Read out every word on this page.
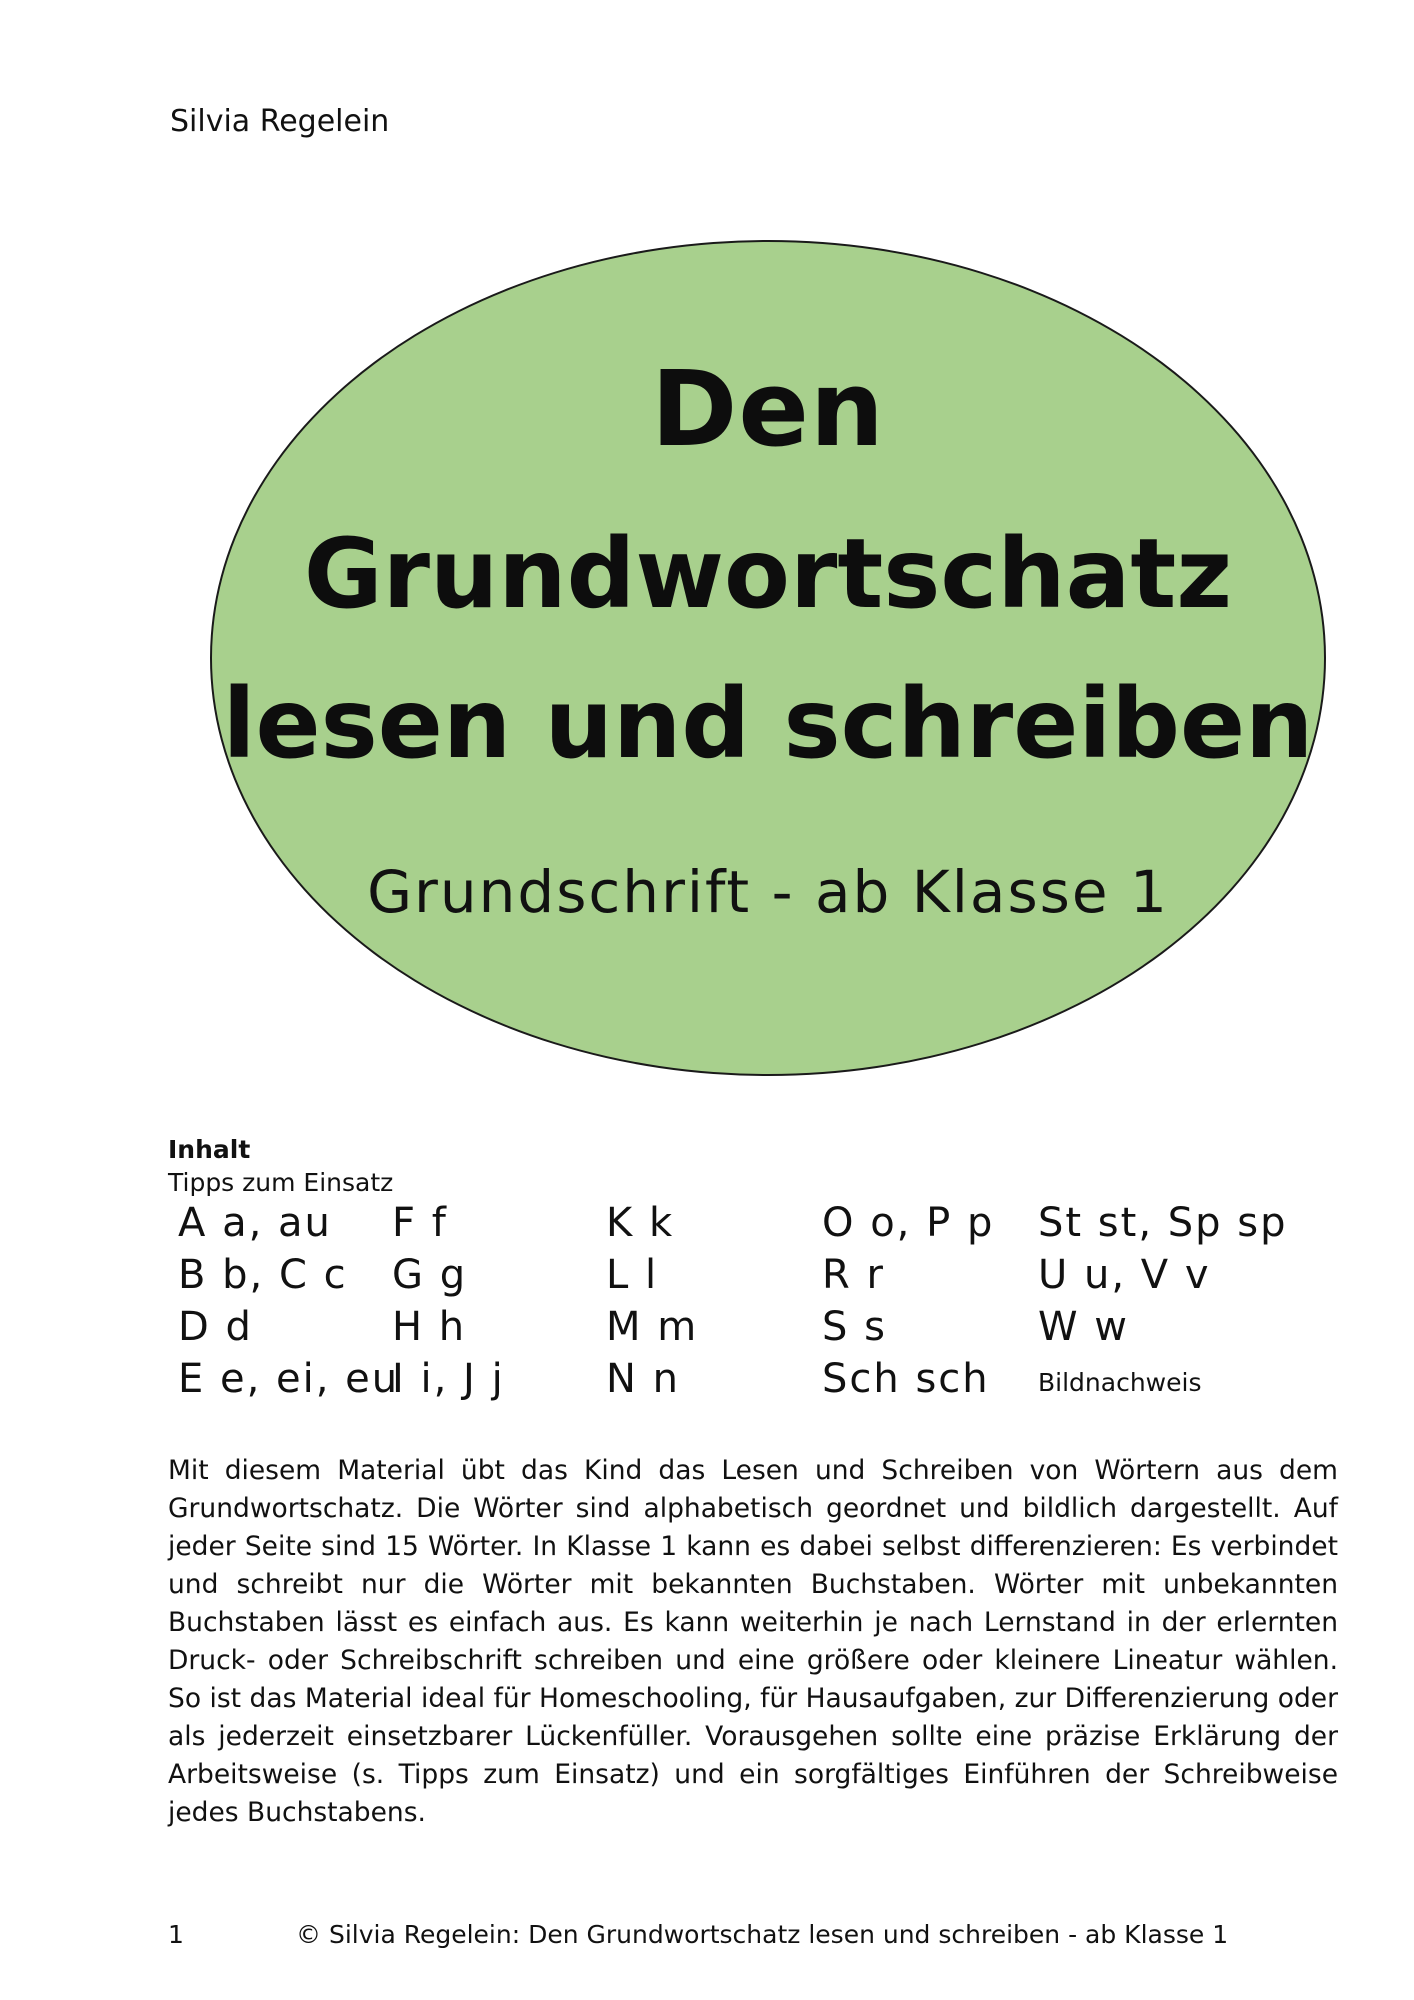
Silvia Regelein
Den
Grundwortschatz
lesen und schreiben
Grundschrift - ab Klasse 1
Inhalt
Tipps zum Einsatz
A a, au
B b, C c
D d
E e, ei, eu
F f
G g
H h
I i, J j
K k
L l
M m
N n
O o, P p
R r
S s
Sch sch
St st, Sp sp
U u, V v
W w
Bildnachweis
Mit diesem Material übt das Kind das Lesen und Schreiben von Wörtern aus dem Grundwortschatz. Die Wörter sind alphabetisch geordnet und bildlich dargestellt. Auf jeder Seite sind 15 Wörter. In Klasse 1 kann es dabei selbst differenzieren: Es verbindet und schreibt nur die Wörter mit bekannten Buchstaben. Wörter mit unbekannten Buchstaben lässt es einfach aus. Es kann weiterhin je nach Lernstand in der erlernten Druck- oder Schreibschrift schreiben und eine größere oder kleinere Lineatur wählen. So ist das Material ideal für Homeschooling, für Hausaufgaben, zur Differenzierung oder als jederzeit einsetzbarer Lückenfüller. Vorausgehen sollte eine präzise Erklärung der Arbeitsweise (s. Tipps zum Einsatz) und ein sorgfältiges Einführen der Schreibweise jedes Buchstabens.
1	© Silvia Regelein: Den Grundwortschatz lesen und schreiben - ab Klasse 1
